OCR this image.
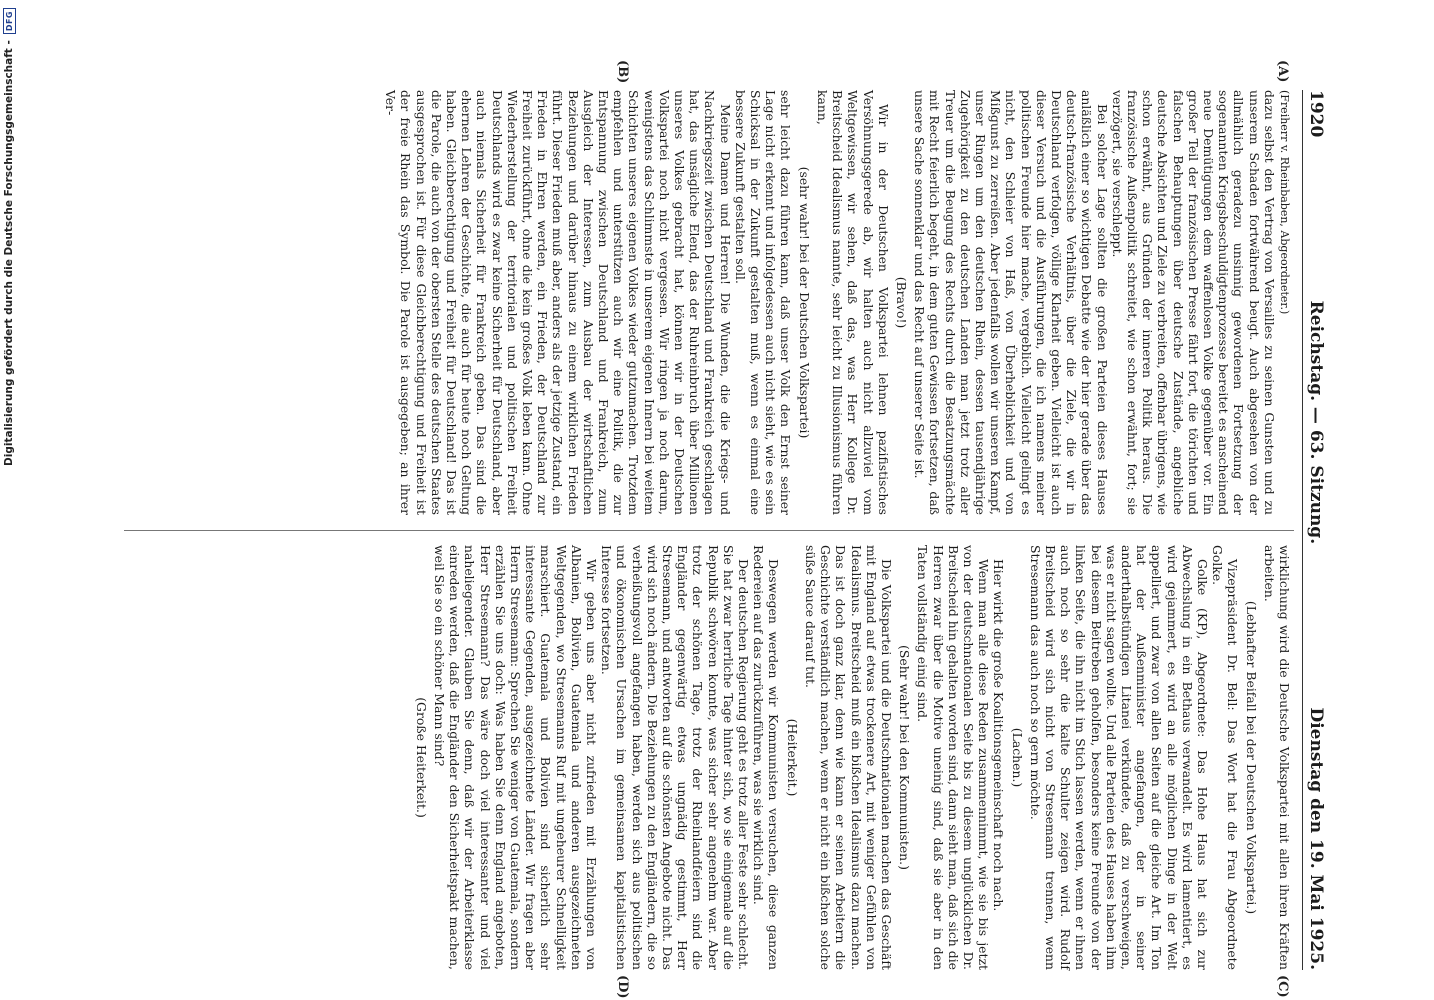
Digitalisierung gefördert durch die Deutsche Forschungsgemeinschaft -
DFG
1920
Reichstag. — 63. Sitzung.
Dienstag den 19. Mai 1925.
(A)
(B)
(C)
(D)

(Freiherr v. Rheinbaben, Abgeordneter.)

dazu selbst den Vertrag von Versailles zu seinen Gunsten und zu unserem Schaden fortwährend beugt. Auch abgesehen von der allmählich geradezu unsinnig gewordenen Fortsetzung der sogenannten Kriegsbeschuldigtenprozesse bereitet es anscheinend neue Demütigungen dem waffenlosen Volke gegenüber vor. Ein großer Teil der französischen Presse fährt fort, die törichten und falschen Behauptungen über deutsche Zustände, angebliche deutsche Absichten und Ziele zu verbreiten, offenbar übrigens, wie schon erwähnt, aus Gründen der inneren Politik heraus. Die französische Außenpolitik schreitet, wie schon erwähnt, fort; sie verzögert, sie verschleppt.

Bei solcher Lage sollten die großen Parteien dieses Hauses anläßlich einer so wichtigen Debatte wie der hier gerade über das deutsch-französische Verhältnis, über die Ziele, die wir in Deutschland verfolgen, völlige Klarheit geben. Vielleicht ist auch dieser Versuch und die Ausführungen, die ich namens meiner politischen Freunde hier mache, vergeblich. Vielleicht gelingt es nicht, den Schleier von Haß, von Überheblichkeit und von Mißgunst zu zerreißen. Aber jedenfalls wollen wir unseren Kampf, unser Ringen um den deutschen Rhein, dessen tausendjährige Zugehörigkeit zu den deutschen Landen man jetzt trotz aller Treuer um die Beugung des Rechts durch die Besatzungsmächte mit Recht feierlich begeht, in dem guten Gewissen fortsetzen, daß unsere Sache sonnenklar und das Recht auf unserer Seite ist.

(Bravo!)

Wir in der Deutschen Volkspartei lehnen pazifistisches Versöhnungsgerede ab, wir halten auch nicht allzuviel vom Weltgewissen, wir sehen, daß das, was Herr Kollege Dr. Breitscheid Idealismus nannte, sehr leicht zu Illusionismus führen kann,

(sehr wahr! bei der Deutschen Volkspartei)

sehr leicht dazu führen kann, daß unser Volk den Ernst seiner Lage nicht erkennt und infolgedessen auch nicht sieht, wie es sein Schicksal in der Zukunft gestalten muß, wenn es einmal eine bessere Zukunft gestalten soll.

Meine Damen und Herren! Die Wunden, die die Kriegs- und Nachkriegszeit zwischen Deutschland und Frankreich geschlagen hat, das unsägliche Elend, das der Ruhreinbruch über Millionen unseres Volkes gebracht hat, können wir in der Deutschen Volkspartei noch nicht vergessen. Wir ringen ja noch darum, wenigstens das Schlimmste in unserem eigenen Innern bei weitem Schichten unseres eigenen Volkes wieder gutzumachen. Trotzdem empfehlen und unterstützen auch wir eine Politik, die zur Entspannung zwischen Deutschland und Frankreich, zum Ausgleich der Interessen, zum Ausbau der wirtschaftlichen Beziehungen und darüber hinaus zu einem wirklichen Frieden führt. Dieser Frieden muß aber, anders als der jetzige Zustand, ein Frieden in Ehren werden, ein Frieden, der Deutschland zur Freiheit zurückführt, ohne die kein großes Volk leben kann. Ohne Wiederherstellung der territorialen und politischen Freiheit Deutschlands wird es zwar keine Sicherheit für Deutschland, aber auch niemals Sicherheit für Frankreich geben. Das sind die ehernen Lehren der Geschichte, die auch für heute noch Geltung haben. Gleichberechtigung und Freiheit für Deutschland! Das ist die Parole, die auch von der obersten Stelle des deutschen Staates ausgesprochen ist. Für diese Gleichberechtigung und Freiheit ist der freie Rhein das Symbol. Die Parole ist ausgegeben; an ihrer Ver-

wirklichung wird die Deutsche Volkspartei mit allen ihren Kräften arbeiten.

(Lebhafter Beifall bei der Deutschen Volkspartei.)

Vizepräsident Dr. Bell: Das Wort hat die Frau Abgeordnete Golke.

Golke (KP), Abgeordnete: Das Hohe Haus hat sich zur Abwechslung in ein Bethaus verwandelt. Es wird lamentiert, es wird gejammert, es wird an alle möglichen Dinge in der Welt appelliert, und zwar von allen Seiten auf die gleiche Art. Im Ton hat der Außenminister angefangen, der in seiner anderthalbstündigen Litanei verkündete, daß zu verschweigen, was er nicht sagen wollte. Und alle Parteien des Hauses haben ihm bei diesem Beitreben geholfen, besonders keine Freunde von der linken Seite, die ihn nicht im Stich lassen werden, wenn er ihnen auch noch so sehr die kalte Schulter zeigen wird. Rudolf Breitscheid wird sich nicht von Stresemann trennen, wenn Stresemann das auch noch so gern möchte.

(Lachen.)

Hier wirkt die große Koalitionsgemeinschaft noch nach.

Wenn man alle diese Reden zusammennimmt, wie sie bis jetzt von der deutschnationalen Seite bis zu diesem unglücklichen Dr. Breitscheid hin gehalten worden sind, dann sieht man, daß sich die Herren zwar über die Motive uneinig sind, daß sie aber in den Taten vollständig einig sind.

(Sehr wahr! bei den Kommunisten.)

Die Volkspartei und die Deutschnationalen machen das Geschäft mit England auf etwas trockenere Art, mit weniger Gefühlen von Idealismus. Breitscheid muß ein bißchen Idealismus dazu machen. Das ist doch ganz klar, denn wie kann er seinen Arbeitern die Geschichte verständlich machen, wenn er nicht ein bißchen solche süße Sauce darauf tut.

(Heiterkeit.)

Deswegen werden wir Kommunisten versuchen, diese ganzen Redereien auf das zurückzuführen, was sie wirklich sind.

Der deutschen Regierung geht es trotz aller Feste sehr schlecht. Sie hat zwar herrliche Tage hinter sich, wo sie einigemale auf die Republik schwören konnte, was sicher sehr angenehm war. Aber trotz der schönen Tage, trotz der Rheinlandfeiern sind die Engländer gegenwärtig etwas ungnädig gestimmt, Herr Stresemann, und antworten auf die schönsten Angebote nicht. Das wird sich noch ändern. Die Beziehungen zu den Engländern, die so verheißungsvoll angefangen haben, werden sich aus politischen und ökonomischen Ursachen im gemeinsamen kapitalistischen Interesse fortsetzen.

Wir geben uns aber nicht zufrieden mit Erzählungen von Albanien, Bolivien, Guatemala und anderen ausgezeichneten Weltgegenden, wo Stresemanns Ruf mit ungeheurer Schnelligkeit marschiert. Guatemala und Bolivien sind sicherlich sehr interessante Gegenden, ausgezeichnete Länder. Wir fragen aber Herrn Stresemann: Sprechen Sie weniger von Guatemala, sondern erzählen Sie uns doch: Was haben Sie denn England angeboten, Herr Stresemann? Das wäre doch viel interessanter und viel naheliegender. Glauben Sie denn, daß wir der Arbeiterklasse einreden werden, daß die Engländer den Sicherheitspakt machen, weil Sie so ein schöner Mann sind?

(Große Heiterkeit.)
